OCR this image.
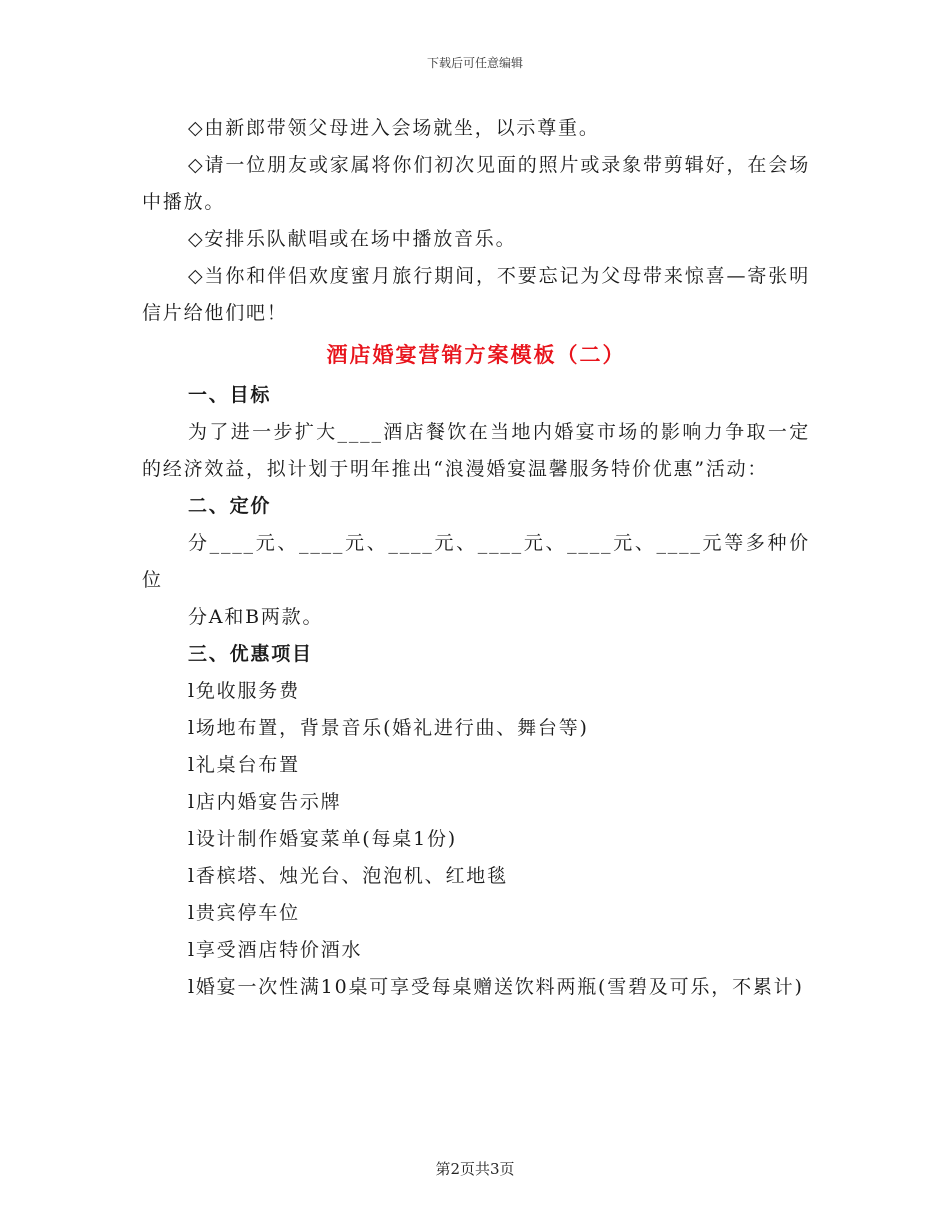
下载后可任意编辑

◇由新郎带领父母进入会场就坐，以示尊重。

◇请一位朋友或家属将你们初次见面的照片或录象带剪辑好，在会场中播放。

◇安排乐队献唱或在场中播放音乐。

◇当你和伴侣欢度蜜月旅行期间，不要忘记为父母带来惊喜—寄张明信片给他们吧！

酒店婚宴营销方案模板（二）

一、目标

为了进一步扩大____酒店餐饮在当地内婚宴市场的影响力争取一定的经济效益，拟计划于明年推出“浪漫婚宴温馨服务特价优惠”活动：

二、定价

分____元、____元、____元、____元、____元、____元等多种价位

分A和B两款。

三、优惠项目

l免收服务费

l场地布置，背景音乐(婚礼进行曲、舞台等)

l礼桌台布置

l店内婚宴告示牌

l设计制作婚宴菜单(每桌1份)

l香槟塔、烛光台、泡泡机、红地毯

l贵宾停车位

l享受酒店特价酒水

l婚宴一次性满10桌可享受每桌赠送饮料两瓶(雪碧及可乐，不累计)

第2页共3页
